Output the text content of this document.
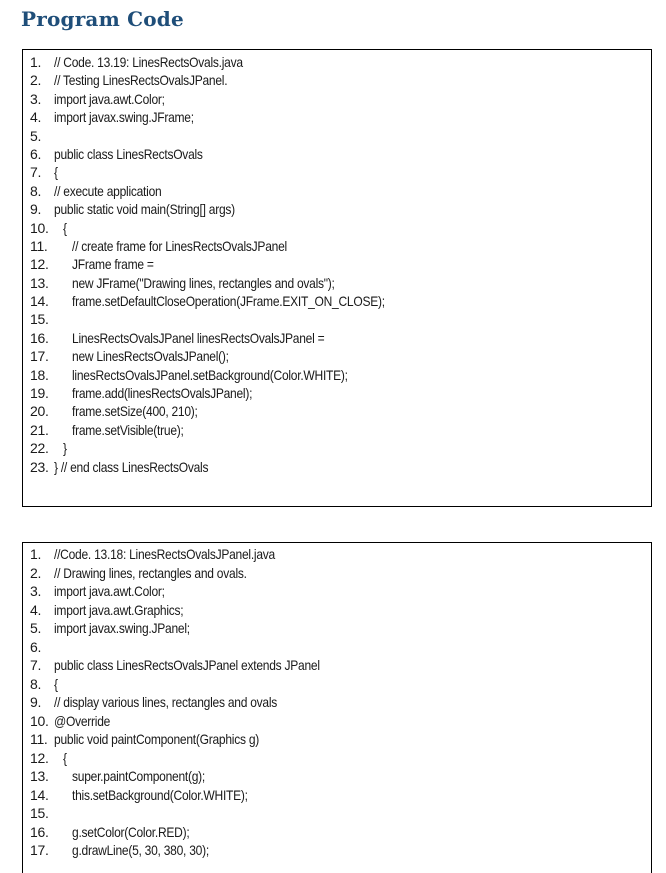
Program Code
1. // Code. 13.19: LinesRectsOvals.java
2. // Testing LinesRectsOvalsJPanel.
3. import java.awt.Color;
4. import javax.swing.JFrame;
5.
6. public class LinesRectsOvals
7. {
8. // execute application
9. public static void main(String[] args)
10.	{
11.	// create frame for LinesRectsOvalsJPanel
12.	JFrame frame =
13.	new JFrame("Drawing lines, rectangles and ovals");
14.	frame.setDefaultCloseOperation(JFrame.EXIT_ON_CLOSE);
15.
16.	LinesRectsOvalsJPanel linesRectsOvalsJPanel =
17.	new LinesRectsOvalsJPanel();
18.	linesRectsOvalsJPanel.setBackground(Color.WHITE);
19.	frame.add(linesRectsOvalsJPanel);
20.	frame.setSize(400, 210);
21.	frame.setVisible(true);
22.	}
23. } // end class LinesRectsOvals
1. //Code. 13.18: LinesRectsOvalsJPanel.java
2. // Drawing lines, rectangles and ovals.
3. import java.awt.Color;
4. import java.awt.Graphics;
5. import javax.swing.JPanel;
6.
7. public class LinesRectsOvalsJPanel extends JPanel
8. {
9. // display various lines, rectangles and ovals
10. @Override
11. public void paintComponent(Graphics g)
12.	{
13.	super.paintComponent(g);
14.	this.setBackground(Color.WHITE);
15.
16.	g.setColor(Color.RED);
17.	g.drawLine(5, 30, 380, 30);
